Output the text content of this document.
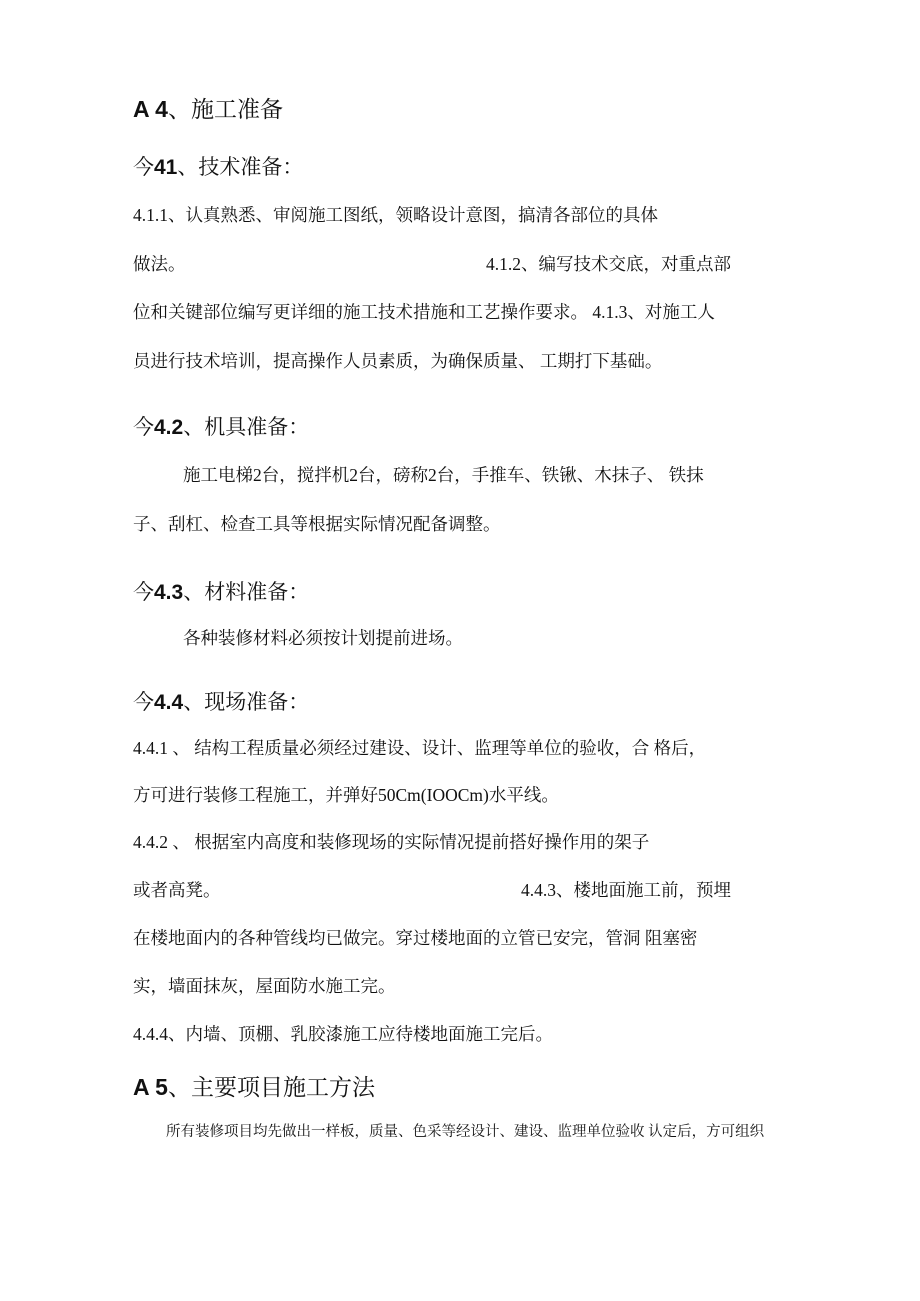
A 4、施工准备
今41、技术准备：
4.1.1、认真熟悉、审阅施工图纸，领略设计意图，搞清各部位的具体
做法。	4.1.2、编写技术交底，对重点部
位和关键部位编写更详细的施工技术措施和工艺操作要求。 4.1.3、对施工人
员进行技术培训，提高操作人员素质，为确保质量、 工期打下基础。
今4.2、机具准备：
施工电梯2台，搅拌机2台，磅称2台，手推车、铁锹、木抹子、 铁抹
子、刮杠、检查工具等根据实际情况配备调整。
今4.3、材料准备：
各种装修材料必须按计划提前进场。
今4.4、现场准备：
4.4.1 、 结构工程质量必须经过建设、设计、监理等单位的验收，合 格后，
方可进行装修工程施工，并弹好50Cm(IOOCm)水平线。
4.4.2 、 根据室内高度和装修现场的实际情况提前搭好操作用的架子
或者高凳。	4.4.3、楼地面施工前，预埋
在楼地面内的各种管线均已做完。穿过楼地面的立管已安完，管洞 阻塞密
实，墙面抹灰，屋面防水施工完。
4.4.4、内墙、顶棚、乳胶漆施工应待楼地面施工完后。
A 5、主要项目施工方法
所有装修项目均先做出一样板，质量、色采等经设计、建设、监理单位验收 认定后，方可组织
